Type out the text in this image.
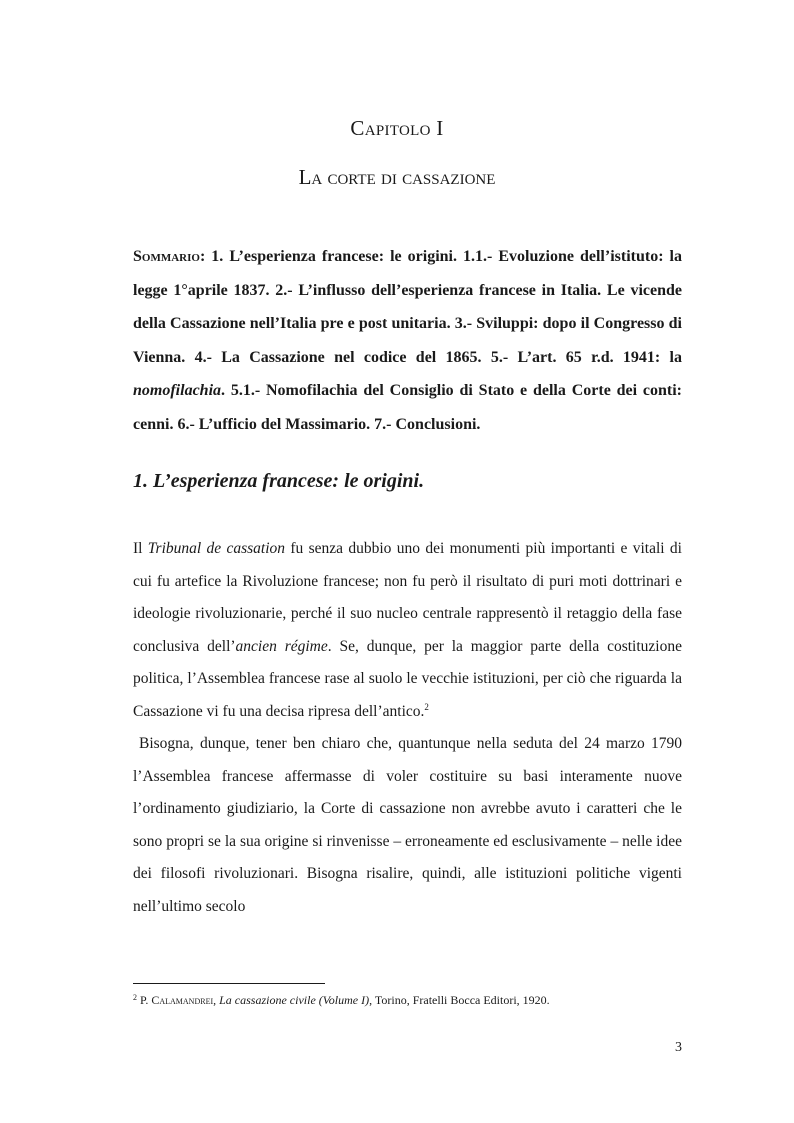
Capitolo I
La corte di cassazione
Sommario: 1. L’esperienza francese: le origini. 1.1.- Evoluzione dell’istituto: la legge 1°aprile 1837. 2.- L’influsso dell’esperienza francese in Italia. Le vicende della Cassazione nell’Italia pre e post unitaria. 3.- Sviluppi: dopo il Congresso di Vienna. 4.- La Cassazione nel codice del 1865. 5.- L’art. 65 r.d. 1941: la nomofilachia. 5.1.- Nomofilachia del Consiglio di Stato e della Corte dei conti: cenni. 6.- L’ufficio del Massimario. 7.- Conclusioni.
1. L’esperienza francese: le origini.

Il Tribunal de cassation fu senza dubbio uno dei monumenti più importanti e vitali di cui fu artefice la Rivoluzione francese; non fu però il risultato di puri moti dottrinari e ideologie rivoluzionarie, perché il suo nucleo centrale rappresentò il retaggio della fase conclusiva dell’ancien régime. Se, dunque, per la maggior parte della costituzione politica, l’Assemblea francese rase al suolo le vecchie istituzioni, per ciò che riguarda la Cassazione vi fu una decisa ripresa dell’antico.$^2$

Bisogna, dunque, tener ben chiaro che, quantunque nella seduta del 24 marzo 1790 l’Assemblea francese affermasse di voler costituire su basi interamente nuove l’ordinamento giudiziario, la Corte di cassazione non avrebbe avuto i caratteri che le sono propri se la sua origine si rinvenisse – erroneamente ed esclusivamente – nelle idee dei filosofi rivoluzionari. Bisogna risalire, quindi, alle istituzioni politiche vigenti nell’ultimo secolo

$^2$ P. Calamandrei, La cassazione civile (Volume I), Torino, Fratelli Bocca Editori, 1920.
3
